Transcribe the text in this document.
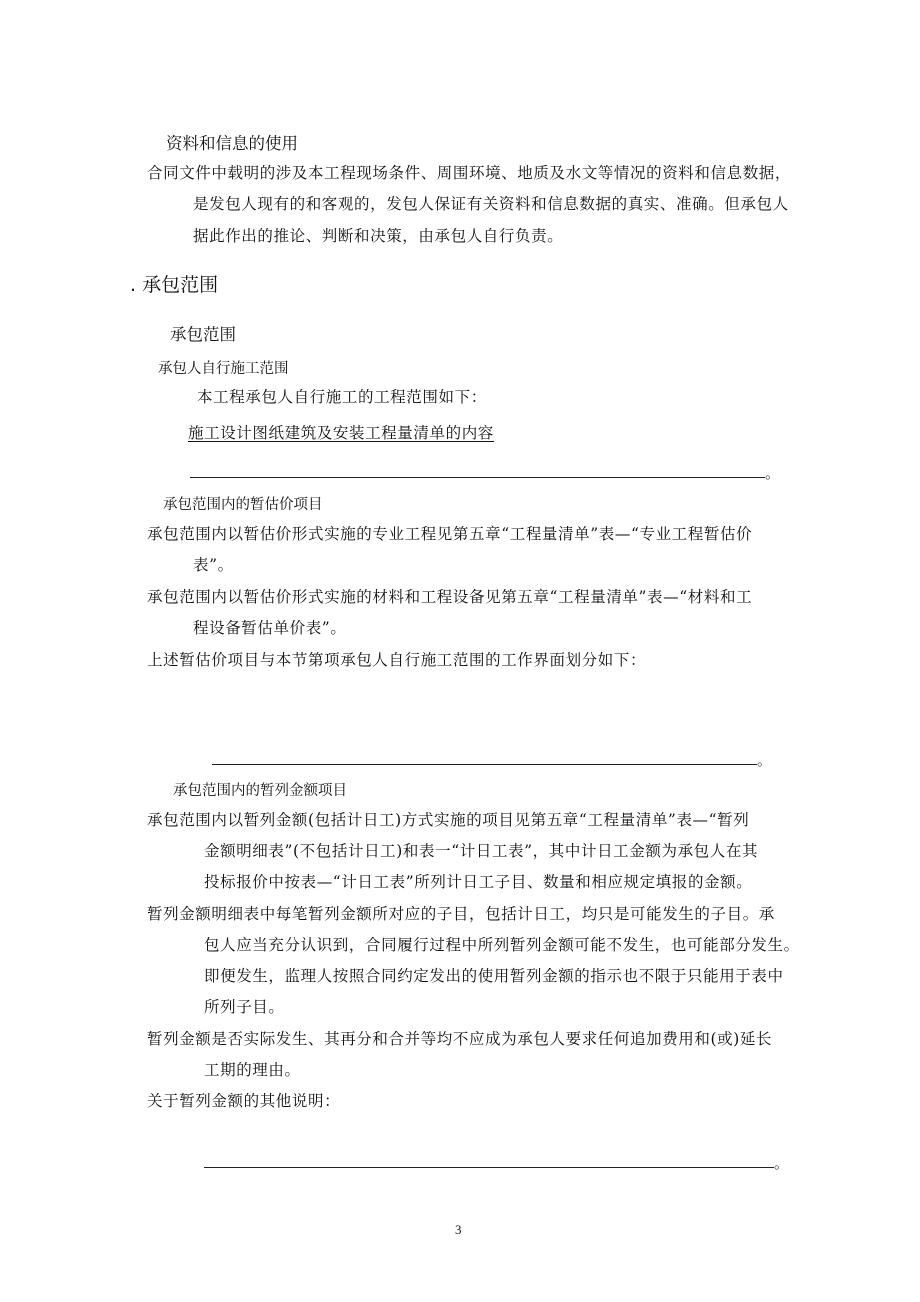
资料和信息的使用
合同文件中载明的涉及本工程现场条件、周围环境、地质及水文等情况的资料和信息数据，
是发包人现有的和客观的，发包人保证有关资料和信息数据的真实、准确。但承包人
据此作出的推论、判断和决策，由承包人自行负责。
. 承包范围
承包范围
承包人自行施工范围
本工程承包人自行施工的工程范围如下：
施工设计图纸建筑及安装工程量清单的内容
。
承包范围内的暂估价项目
承包范围内以暂估价形式实施的专业工程见第五章“工程量清单”表—“专业工程暂估价
表”。
承包范围内以暂估价形式实施的材料和工程设备见第五章“工程量清单”表—“材料和工
程设备暂估单价表”。
上述暂估价项目与本节第项承包人自行施工范围的工作界面划分如下：
。
承包范围内的暂列金额项目
承包范围内以暂列金额(包括计日工)方式实施的项目见第五章“工程量清单”表—“暂列
金额明细表”(不包括计日工)和表一“计日工表”，其中计日工金额为承包人在其
投标报价中按表—“计日工表”所列计日工子目、数量和相应规定填报的金额。
暂列金额明细表中每笔暂列金额所对应的子目，包括计日工，均只是可能发生的子目。承
包人应当充分认识到，合同履行过程中所列暂列金额可能不发生，也可能部分发生。
即便发生，监理人按照合同约定发出的使用暂列金额的指示也不限于只能用于表中
所列子目。
暂列金额是否实际发生、其再分和合并等均不应成为承包人要求任何追加费用和(或)延长
工期的理由。
关于暂列金额的其他说明：
。
3
